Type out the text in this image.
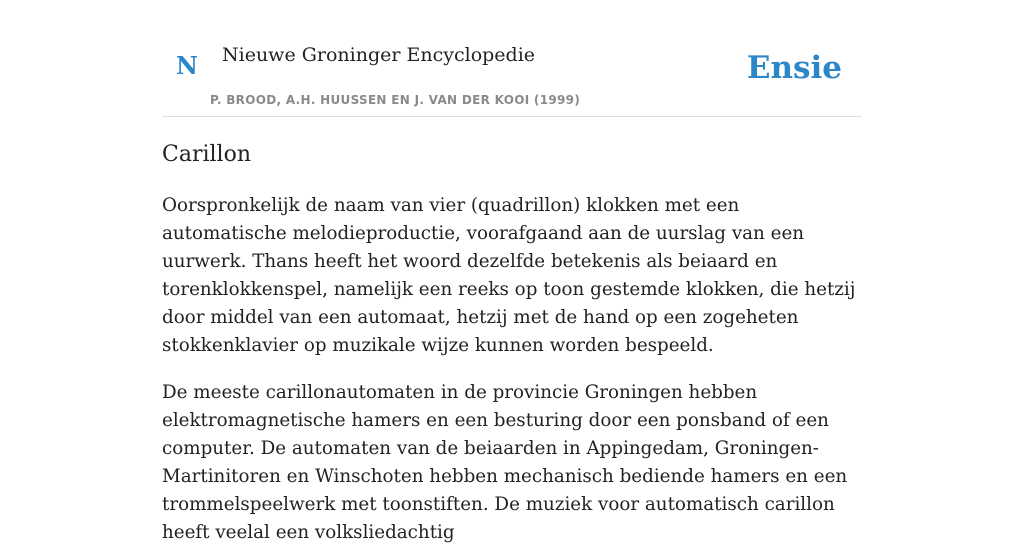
N Nieuwe Groninger Encyclopedie
P. BROOD, A.H. HUUSSEN EN J. VAN DER KOOI (1999)
Ensie
Carillon

Oorspronkelijk de naam van vier (quadrillon) klokken met een automatische melodieproductie, voorafgaand aan de uurslag van een uurwerk. Thans heeft het woord dezelfde betekenis als beiaard en torenklokkenspel, namelijk een reeks op toon gestemde klokken, die hetzij door middel van een automaat, hetzij met de hand op een zogeheten stokkenklavier op muzikale wijze kunnen worden bespeeld.

De meeste carillonautomaten in de provincie Groningen hebben elektromagnetische hamers en een besturing door een ponsband of een computer. De automaten van de beiaarden in Appingedam, Groningen-Martinitoren en Winschoten hebben mechanisch bediende hamers en een trommelspeelwerk met toonstiften. De muziek voor automatisch carillon heeft veelal een volksliedachtig
